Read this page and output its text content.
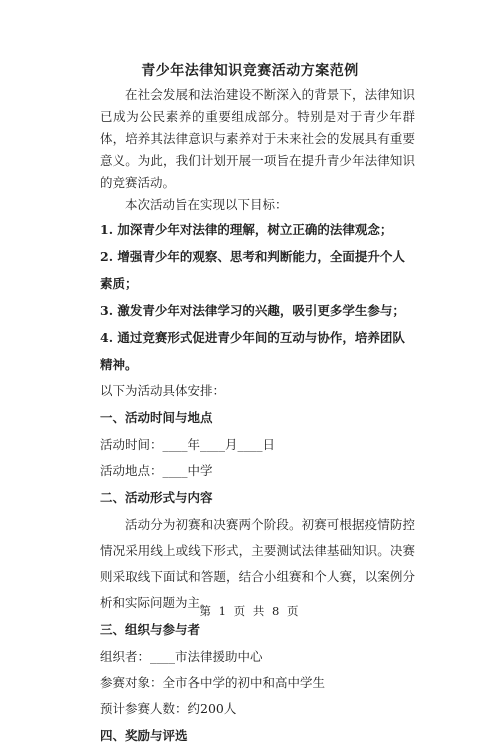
青少年法律知识竞赛活动方案范例

在社会发展和法治建设不断深入的背景下，法律知识已成为公民素养的重要组成部分。特别是对于青少年群体，培养其法律意识与素养对于未来社会的发展具有重要意义。为此，我们计划开展一项旨在提升青少年法律知识的竞赛活动。

本次活动旨在实现以下目标：

1. 加深青少年对法律的理解，树立正确的法律观念；

2. 增强青少年的观察、思考和判断能力，全面提升个人素质；

3. 激发青少年对法律学习的兴趣，吸引更多学生参与；

4. 通过竞赛形式促进青少年间的互动与协作，培养团队精神。

以下为活动具体安排：

一、活动时间与地点

活动时间：____年____月____日

活动地点：____中学

二、活动形式与内容

活动分为初赛和决赛两个阶段。初赛可根据疫情防控情况采用线上或线下形式，主要测试法律基础知识。决赛则采取线下面试和答题，结合小组赛和个人赛，以案例分析和实际问题为主。

三、组织与参与者

组织者：____市法律援助中心

参赛对象：全市各中学的初中和高中学生

预计参赛人数：约200人

四、奖励与评选

第 1 页 共 8 页
